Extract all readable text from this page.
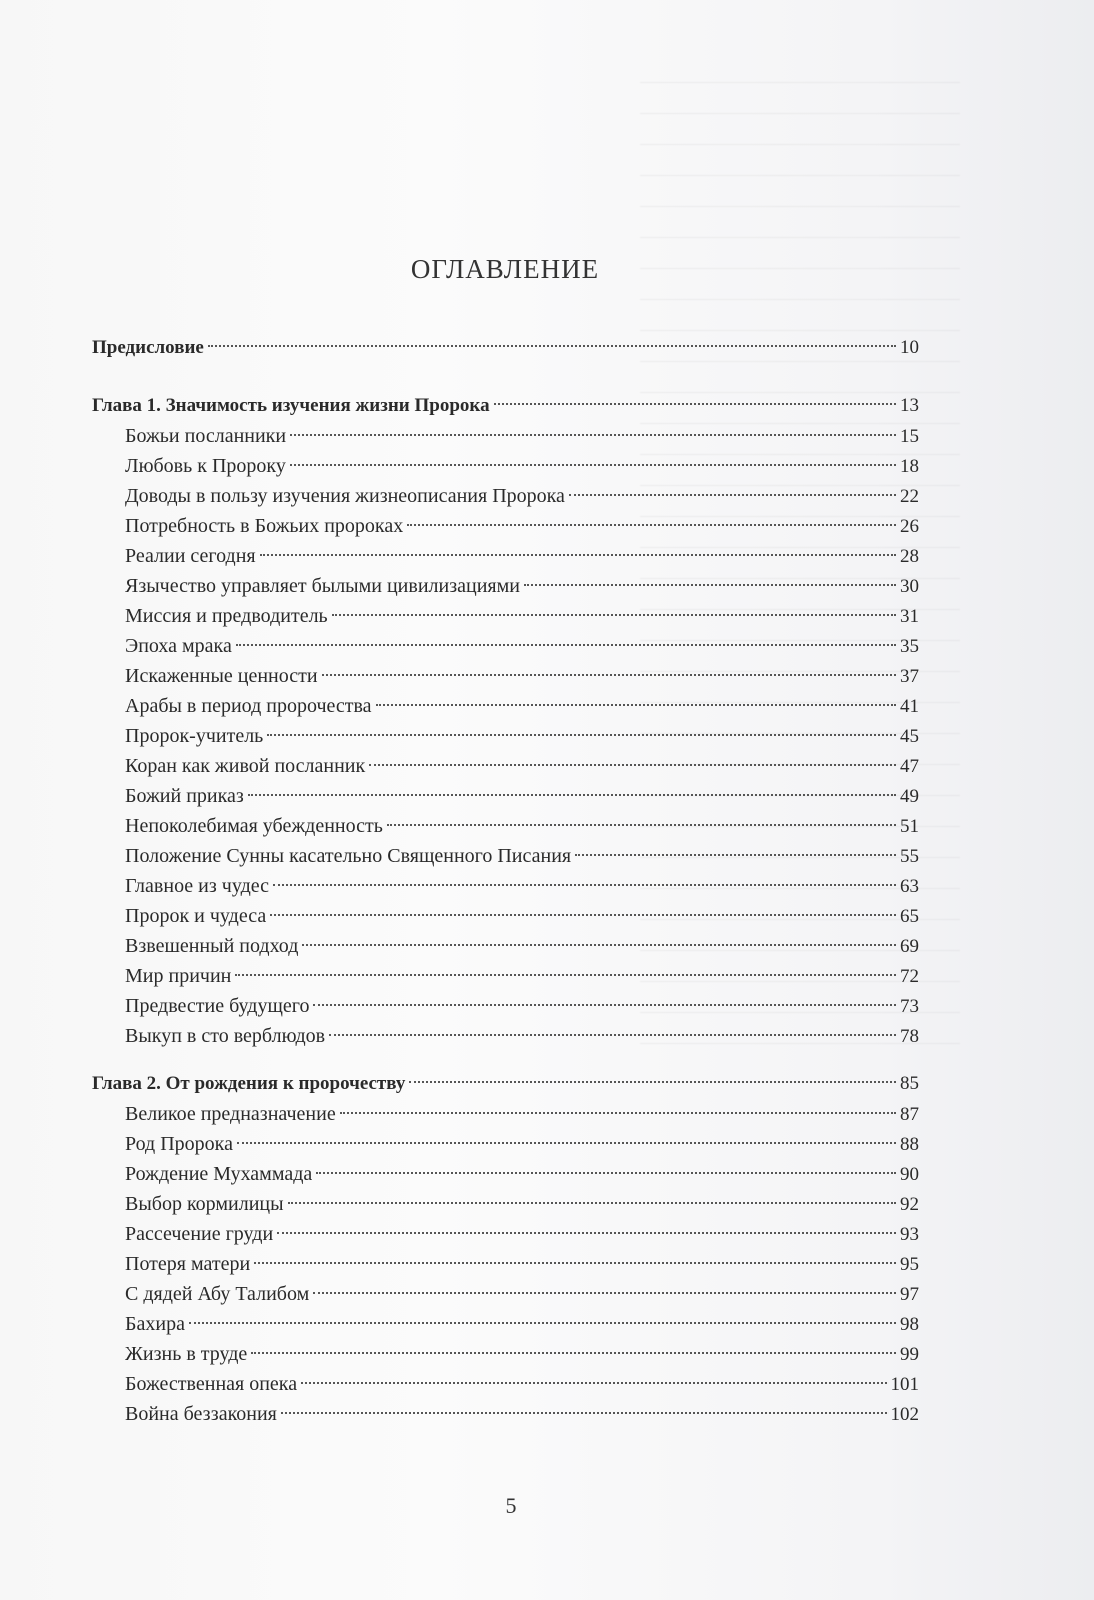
ОГЛАВЛЕНИЕ
Предисловие	10
Глава 1. Значимость изучения жизни Пророка	13
Божьи посланники	15
Любовь к Пророку	18
Доводы в пользу изучения жизнеописания Пророка	22
Потребность в Божьих пророках	26
Реалии сегодня	28
Язычество управляет былыми цивилизациями	30
Миссия и предводитель	31
Эпоха мрака	35
Искаженные ценности	37
Арабы в период пророчества	41
Пророк-учитель	45
Коран как живой посланник	47
Божий приказ	49
Непоколебимая убежденность	51
Положение Сунны касательно Священного Писания	55
Главное из чудес	63
Пророк и чудеса	65
Взвешенный подход	69
Мир причин	72
Предвестие будущего	73
Выкуп в сто верблюдов	78
Глава 2. От рождения к пророчеству	85
Великое предназначение	87
Род Пророка	88
Рождение Мухаммада	90
Выбор кормилицы	92
Рассечение груди	93
Потеря матери	95
С дядей Абу Талибом	97
Бахира	98
Жизнь в труде	99
Божественная опека	101
Война беззакония	102
5
